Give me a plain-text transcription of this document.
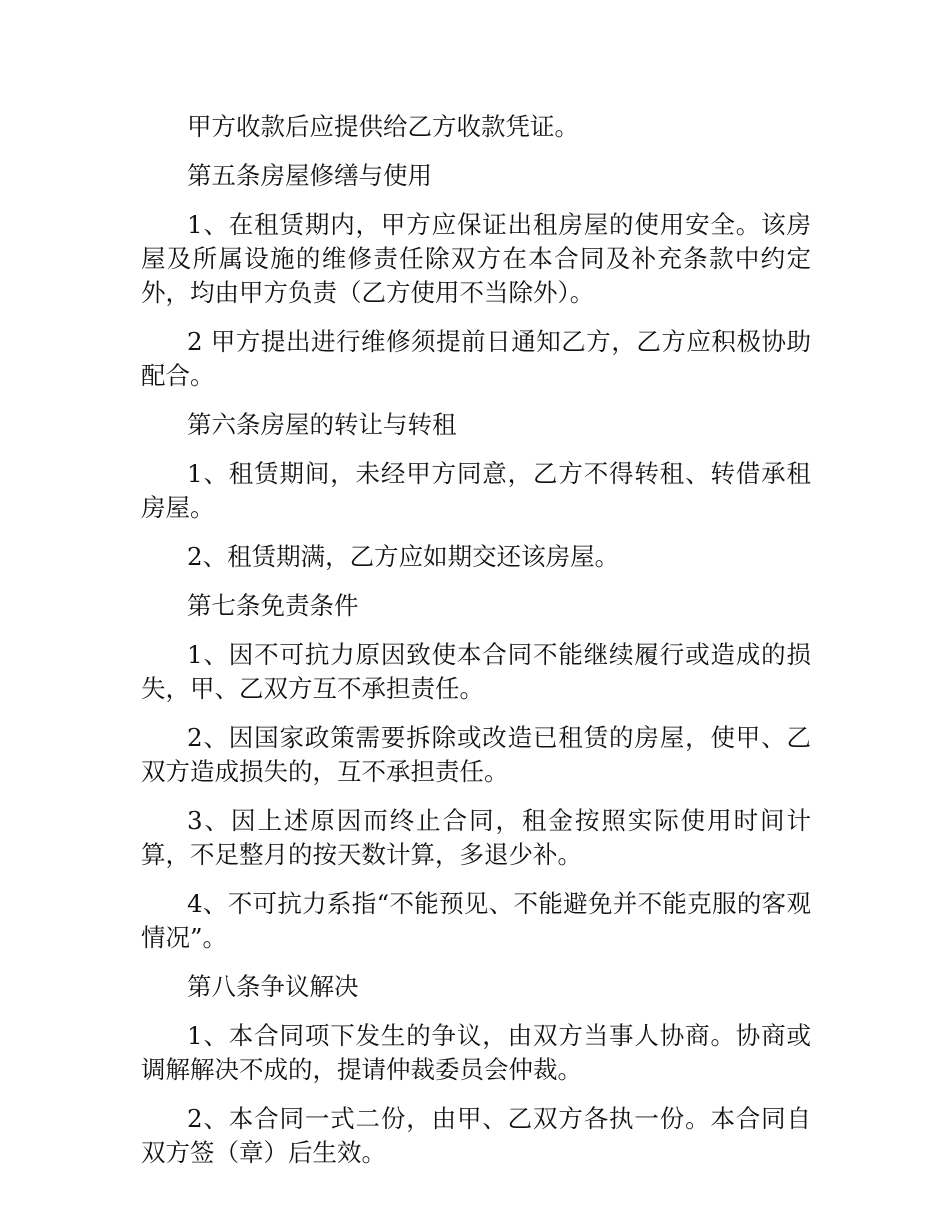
甲方收款后应提供给乙方收款凭证。

第五条房屋修缮与使用

1、在租赁期内，甲方应保证出租房屋的使用安全。该房屋及所属设施的维修责任除双方在本合同及补充条款中约定外，均由甲方负责（乙方使用不当除外）。

2 甲方提出进行维修须提前日通知乙方，乙方应积极协助配合。

第六条房屋的转让与转租

1、租赁期间，未经甲方同意，乙方不得转租、转借承租房屋。

2、租赁期满，乙方应如期交还该房屋。

第七条免责条件

1、因不可抗力原因致使本合同不能继续履行或造成的损失，甲、乙双方互不承担责任。

2、因国家政策需要拆除或改造已租赁的房屋，使甲、乙双方造成损失的，互不承担责任。

3、因上述原因而终止合同，租金按照实际使用时间计算，不足整月的按天数计算，多退少补。

4、不可抗力系指“不能预见、不能避免并不能克服的客观情况”。

第八条争议解决

1、本合同项下发生的争议，由双方当事人协商。协商或调解解决不成的，提请仲裁委员会仲裁。

2、本合同一式二份，由甲、乙双方各执一份。本合同自双方签（章）后生效。
